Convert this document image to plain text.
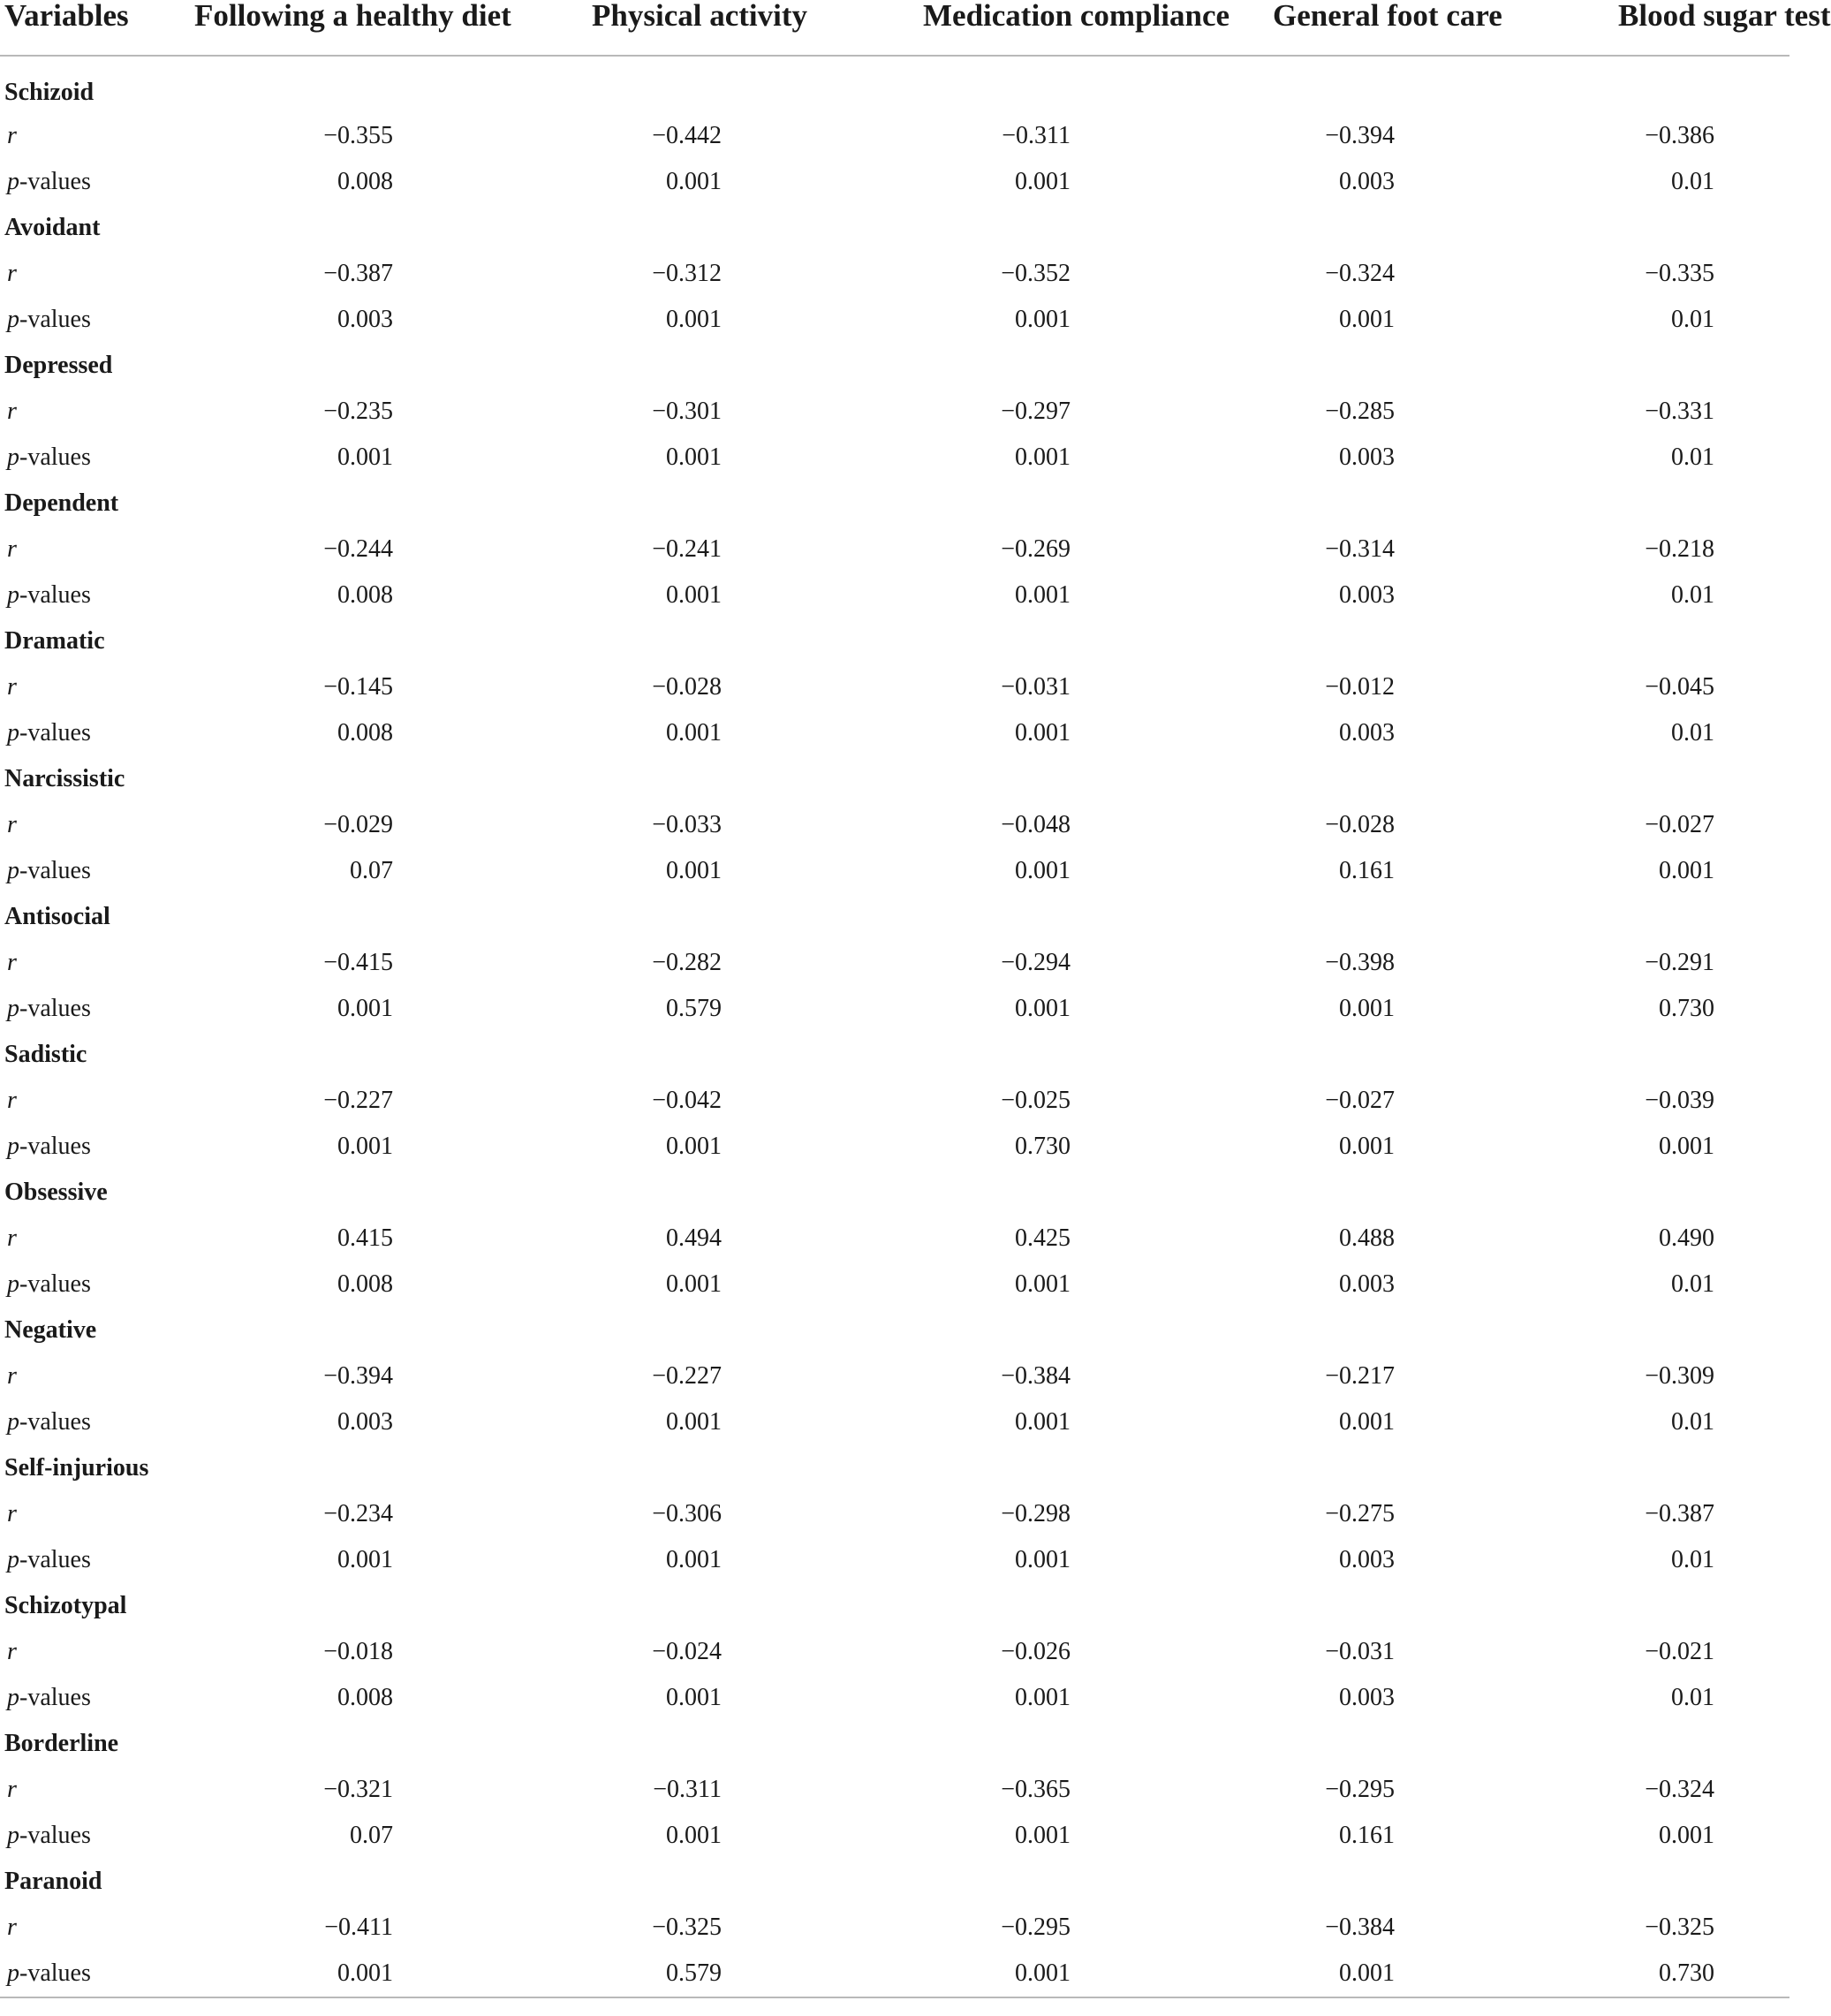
Variables	Following a healthy diet	Physical activity	Medication compliance	General foot care	Blood sugar test
Schizoid					
r	−0.355	−0.442	−0.311	−0.394	−0.386
p-values	0.008	0.001	0.001	0.003	0.01
Avoidant					
r	−0.387	−0.312	−0.352	−0.324	−0.335
p-values	0.003	0.001	0.001	0.001	0.01
Depressed					
r	−0.235	−0.301	−0.297	−0.285	−0.331
p-values	0.001	0.001	0.001	0.003	0.01
Dependent					
r	−0.244	−0.241	−0.269	−0.314	−0.218
p-values	0.008	0.001	0.001	0.003	0.01
Dramatic					
r	−0.145	−0.028	−0.031	−0.012	−0.045
p-values	0.008	0.001	0.001	0.003	0.01
Narcissistic					
r	−0.029	−0.033	−0.048	−0.028	−0.027
p-values	0.07	0.001	0.001	0.161	0.001
Antisocial					
r	−0.415	−0.282	−0.294	−0.398	−0.291
p-values	0.001	0.579	0.001	0.001	0.730
Sadistic					
r	−0.227	−0.042	−0.025	−0.027	−0.039
p-values	0.001	0.001	0.730	0.001	0.001
Obsessive					
r	0.415	0.494	0.425	0.488	0.490
p-values	0.008	0.001	0.001	0.003	0.01
Negative					
r	−0.394	−0.227	−0.384	−0.217	−0.309
p-values	0.003	0.001	0.001	0.001	0.01
Self-injurious					
r	−0.234	−0.306	−0.298	−0.275	−0.387
p-values	0.001	0.001	0.001	0.003	0.01
Schizotypal					
r	−0.018	−0.024	−0.026	−0.031	−0.021
p-values	0.008	0.001	0.001	0.003	0.01
Borderline					
r	−0.321	−0.311	−0.365	−0.295	−0.324
p-values	0.07	0.001	0.001	0.161	0.001
Paranoid					
r	−0.411	−0.325	−0.295	−0.384	−0.325
p-values	0.001	0.579	0.001	0.001	0.730
